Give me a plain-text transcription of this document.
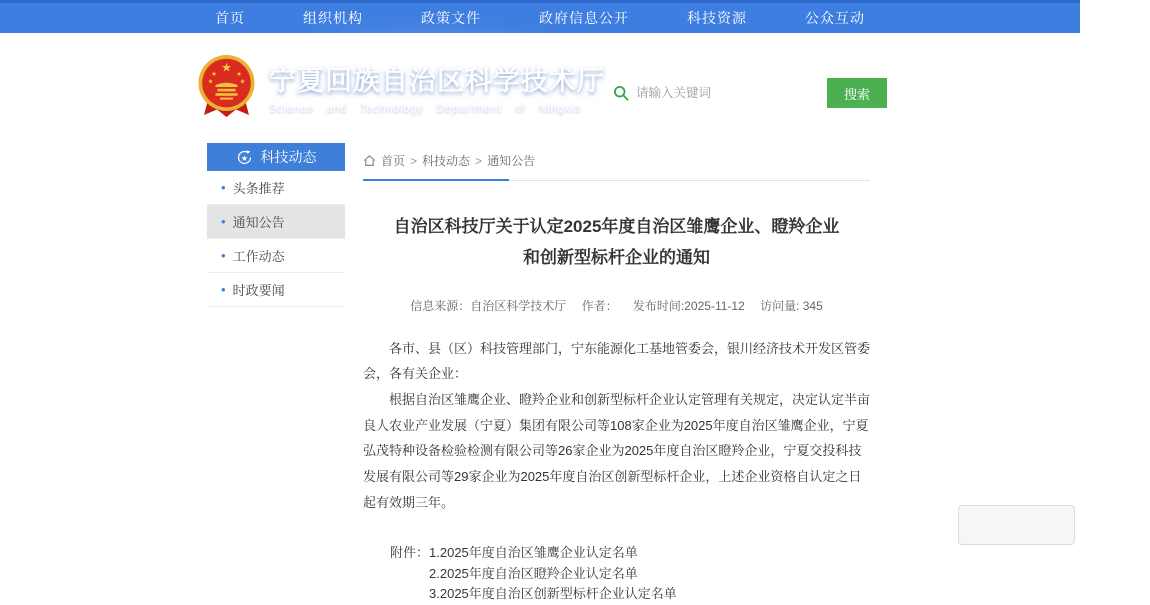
首页	组织机构	政策文件	政府信息公开	科技资源	公众互动
★
★	★
★	★ 宁夏回族自治区科学技术厅
Science and Technology Department of Ningxia
今天是2025年11月12日 星期三 繁體中文 无障碍 长者版
请输入关键词
搜索
★ 科技动态
• 头条推荐
• 通知公告
• 工作动态
• 时政要闻
首页 > 科技动态 > 通知公告
自治区科技厅关于认定2025年度自治区雏鹰企业、瞪羚企业
和创新型标杆企业的通知
信息来源：自治区科学技术厅 作者： 发布时间:2025-11-12 访问量: 345

各市、县（区）科技管理部门，宁东能源化工基地管委会，银川经济技术开发区管委会，各有关企业：

根据自治区雏鹰企业、瞪羚企业和创新型标杆企业认定管理有关规定，决定认定半亩良人农业产业发展（宁夏）集团有限公司等108家企业为2025年度自治区雏鹰企业，宁夏弘茂特种设备检验检测有限公司等26家企业为2025年度自治区瞪羚企业，宁夏交投科技发展有限公司等29家企业为2025年度自治区创新型标杆企业，上述企业资格自认定之日起有效期三年。

附件： 1.2025年度自治区雏鹰企业认定名单
2.2025年度自治区瞪羚企业认定名单
3.2025年度自治区创新型标杆企业认定名单
